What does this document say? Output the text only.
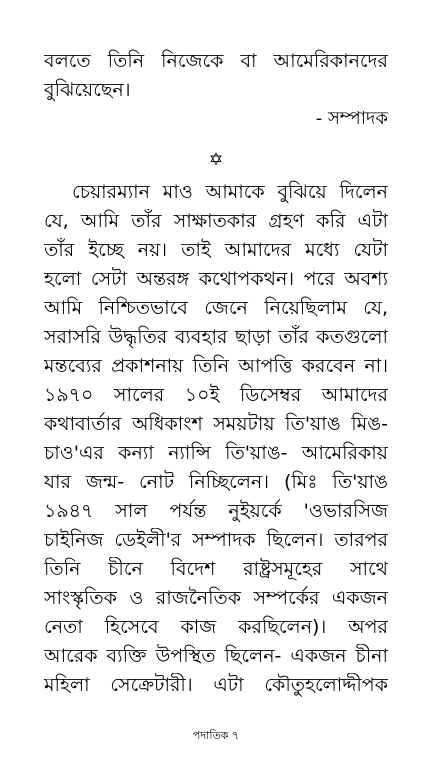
বলতে তিনি নিজেকে বা আমেরিকানদের
বুঝিয়েছেন।
- সম্পাদক
✡
চেয়ারম্যান মাও আমাকে বুঝিয়ে দিলেন
যে, আমি তাঁর সাক্ষাতকার গ্রহণ করি এটা
তাঁর ইচ্ছে নয়। তাই আমাদের মধ্যে যেটা
হলো সেটা অন্তরঙ্গ কথোপকথন। পরে অবশ্য
আমি নিশ্চিতভাবে জেনে নিয়েছিলাম যে,
সরাসরি উদ্ধৃতির ব্যবহার ছাড়া তাঁর কতগুলো
মন্তব্যের প্রকাশনায় তিনি আপত্তি করবেন না।
১৯৭০ সালের ১০ই ডিসেম্বর আমাদের
কথাবার্তার অধিকাংশ সময়টায় তি'য়াঙ মিঙ-
চাও'এর কন্যা ন্যান্সি তি'য়াঙ- আমেরিকায়
যার জন্ম- নোট নিচ্ছিলেন। (মিঃ তি'য়াঙ
১৯৪৭ সাল পর্যন্ত নুইয়র্কে 'ওভারসিজ
চাইনিজ ডেইলী'র সম্পাদক ছিলেন। তারপর
তিনি চীনে বিদেশ রাষ্ট্রসমূহের সাথে
সাংস্কৃতিক ও রাজনৈতিক সম্পর্কের একজন
নেতা হিসেবে কাজ করছিলেন)। অপর
আরেক ব্যক্তি উপস্থিত ছিলেন- একজন চীনা
মহিলা সেক্রেটারী। এটা কৌতুহলোদ্দীপক
পদাতিক ৭
